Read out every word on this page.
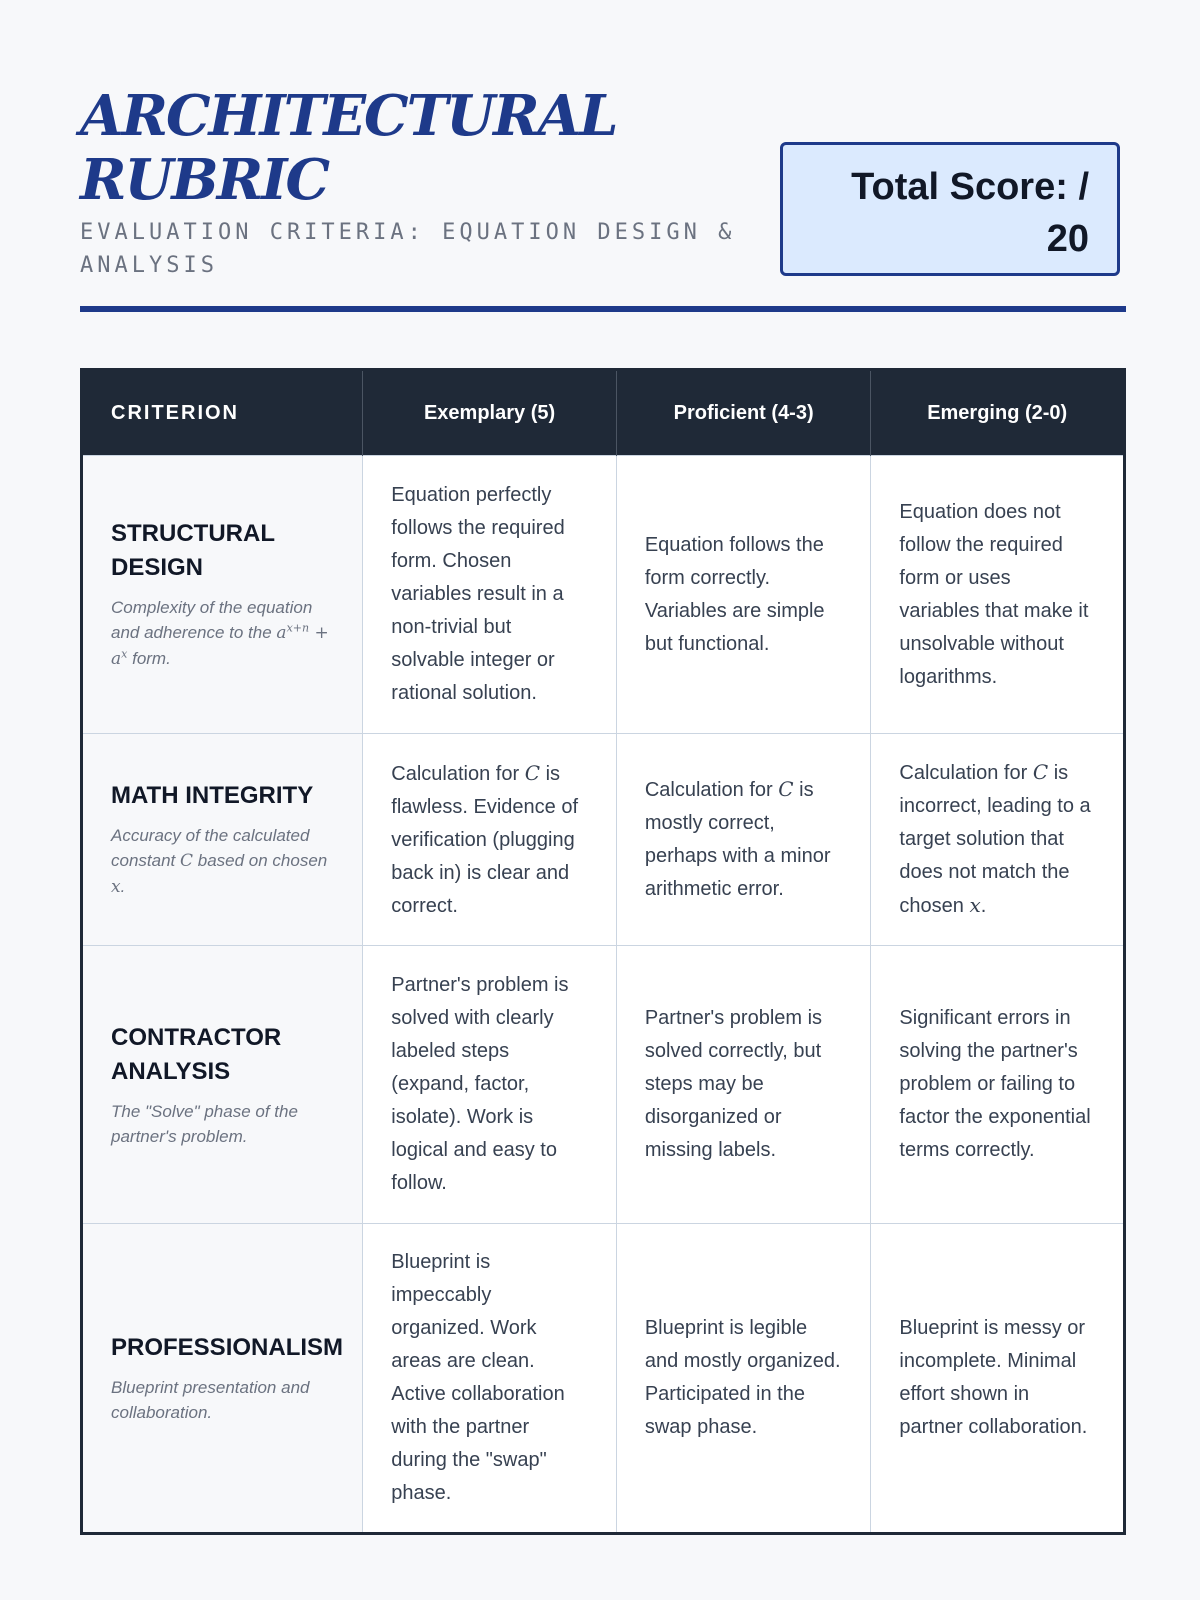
ARCHITECTURAL RUBRIC
EVALUATION CRITERIA: EQUATION DESIGN & ANALYSIS
Total Score: / 20
CRITERION	Exemplary (5)	Proficient (4-3)	Emerging (2-0)

STRUCTURAL DESIGN
Complexity of the equation and adherence to the $a^{x+n} + a^x$ form.	Equation perfectly follows the required form. Chosen variables result in a non-trivial but solvable integer or rational solution.	Equation follows the form correctly. Variables are simple but functional.	Equation does not follow the required form or uses variables that make it unsolvable without logarithms.

MATH INTEGRITY
Accuracy of the calculated constant C based on chosen x.	Calculation for C is flawless. Evidence of verification (plugging back in) is clear and correct.	Calculation for C is mostly correct, perhaps with a minor arithmetic error.	Calculation for C is incorrect, leading to a target solution that does not match the chosen x.

CONTRACTOR ANALYSIS
The "Solve" phase of the partner's problem.	Partner's problem is solved with clearly labeled steps (expand, factor, isolate). Work is logical and easy to follow.	Partner's problem is solved correctly, but steps may be disorganized or missing labels.	Significant errors in solving the partner's problem or failing to factor the exponential terms correctly.

PROFESSIONALISM
Blueprint presentation and collaboration.	Blueprint is impeccably organized. Work areas are clean. Active collaboration with the partner during the "swap" phase.	Blueprint is legible and mostly organized. Participated in the swap phase.	Blueprint is messy or incomplete. Minimal effort shown in partner collaboration.
